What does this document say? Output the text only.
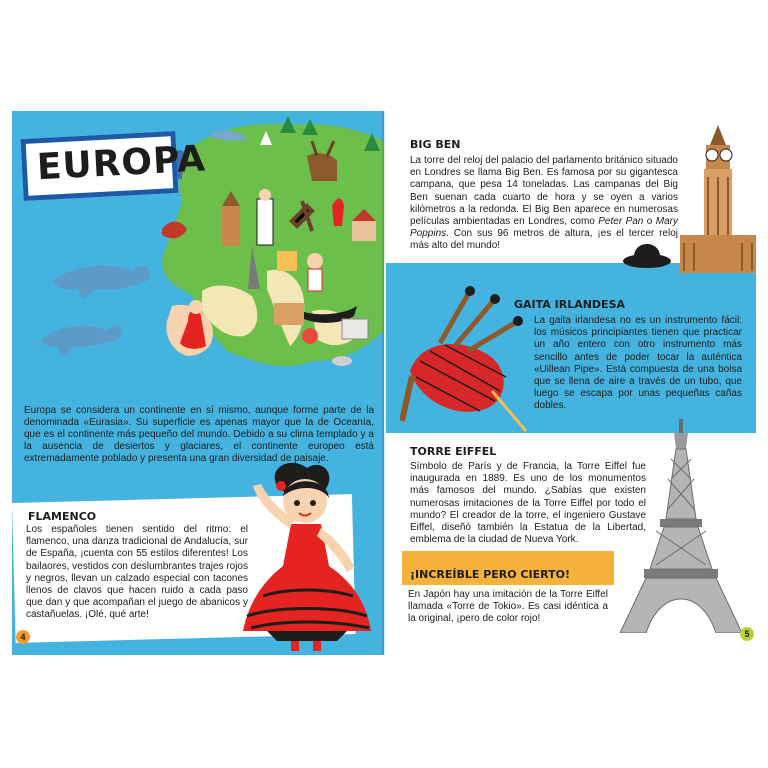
EUROPA

Europa se considera un continente en sí mismo, aunque forme parte de la denominada «Eurasia». Su superficie es apenas mayor que la de Oceanía, que es el continente más pequeño del mundo. Debido a su clima templado y a la ausencia de desiertos y glaciares, el continente europeo está extremadamente poblado y presenta una gran diversidad de paisaje.

FLAMENCO

Los españoles tienen sentido del ritmo: el flamenco, una danza tradicional de Andalucía, sur de España, ¡cuenta con 55 estilos diferentes! Los bailaores, vestidos con deslumbrantes trajes rojos y negros, llevan un calzado especial con tacones llenos de clavos que hacen ruido a cada paso que dan y que acompañan el juego de abanicos y castañuelas. ¡Olé, qué arte!

4
BIG BEN

La torre del reloj del palacio del parlamento británico situado en Londres se llama Big Ben. Es famosa por su gigantesca campana, que pesa 14 toneladas. Las campanas del Big Ben suenan cada cuarto de hora y se oyen a varios kilómetros a la redonda. El Big Ben aparece en numerosas películas ambientadas en Londres, como Peter Pan o Mary Poppins. Con sus 96 metros de altura, ¡es el tercer reloj más alto del mundo!

GAITA IRLANDESA

La gaita irlandesa no es un instrumento fácil: los músicos principiantes tienen que practicar un año entero con otro instrumento más sencillo antes de poder tocar la auténtica «Uillean Pipe». Está compuesta de una bolsa que se llena de aire a través de un tubo, que luego se escapa por unas pequeñas cañas dobles.

TORRE EIFFEL

Símbolo de París y de Francia, la Torre Eiffel fue inaugurada en 1889. Es uno de los monumentos más famosos del mundo. ¿Sabías que existen numerosas imitaciones de la Torre Eiffel por todo el mundo? El creador de la torre, el ingeniero Gustave Eiffel, diseñó también la Estatua de la Libertad, emblema de la ciudad de Nueva York.

¡INCREÍBLE PERO CIERTO!

En Japón hay una imitación de la Torre Eiffel llamada «Torre de Tokio». Es casi idéntica a la original, ¡pero de color rojo!

5
